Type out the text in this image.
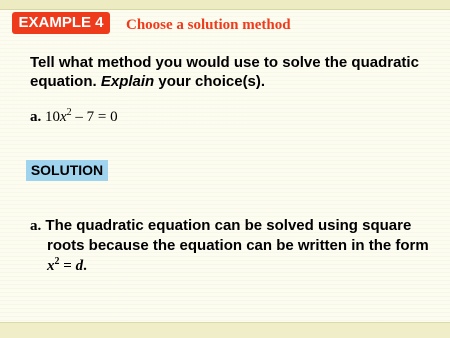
EXAMPLE 4	Choose a solution method
Tell what method you would use to solve the quadratic
equation. Explain your choice(s).
a. $10x^2 - 7 = 0$
SOLUTION
a. The quadratic equation can be solved using square
roots because the equation can be written in the form
$x^2 = d$.
